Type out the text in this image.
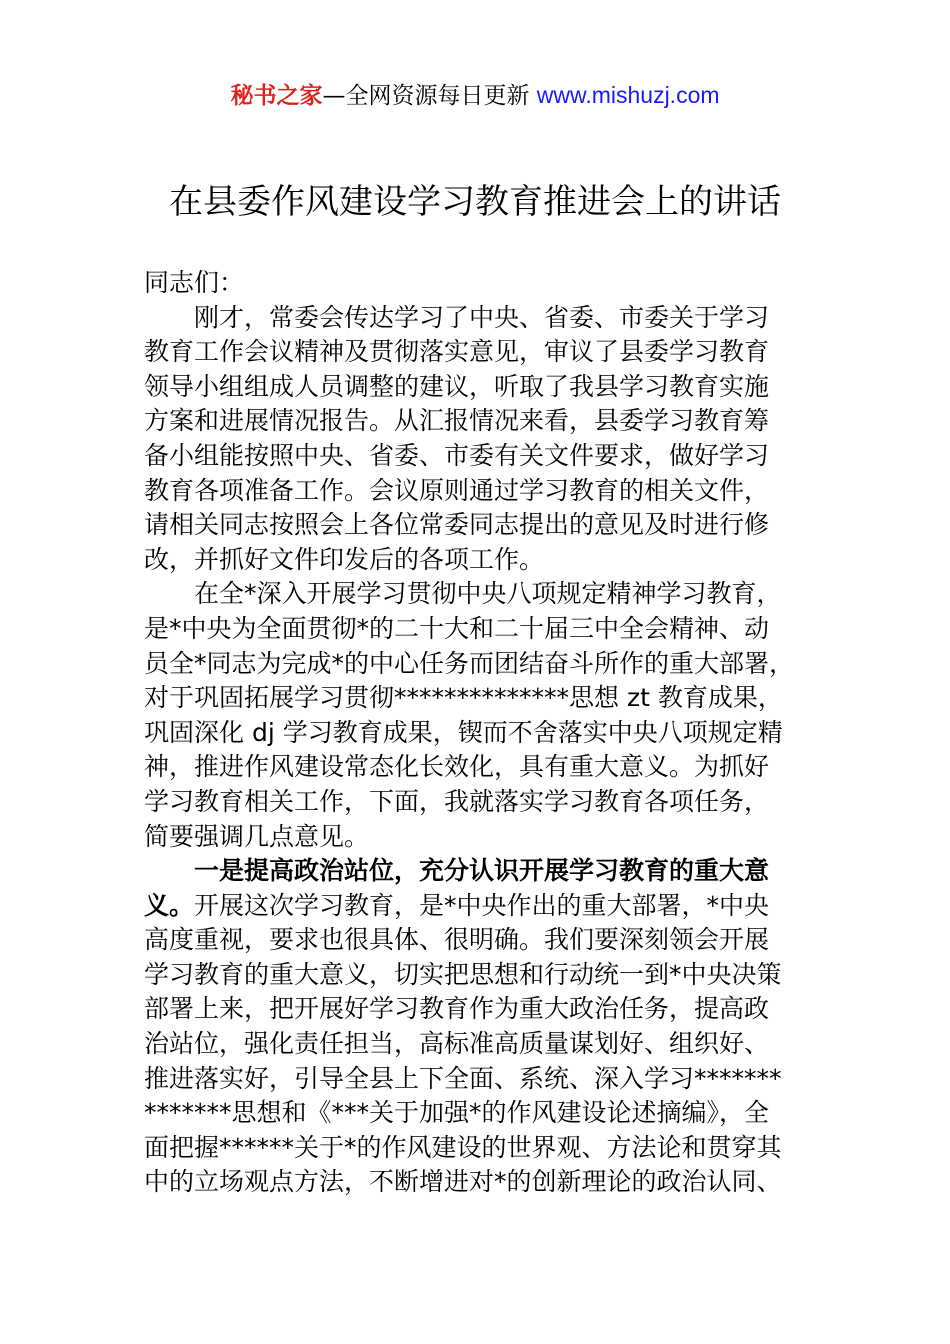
秘书之家—全网资源每日更新 www.mishuzj.com
在县委作风建设学习教育推进会上的讲话
同志们：
刚才，常委会传达学习了中央、省委、市委关于学习
教育工作会议精神及贯彻落实意见，审议了县委学习教育
领导小组组成人员调整的建议，听取了我县学习教育实施
方案和进展情况报告。从汇报情况来看，县委学习教育筹
备小组能按照中央、省委、市委有关文件要求，做好学习
教育各项准备工作。会议原则通过学习教育的相关文件，
请相关同志按照会上各位常委同志提出的意见及时进行修
改，并抓好文件印发后的各项工作。
在全*深入开展学习贯彻中央八项规定精神学习教育，
是*中央为全面贯彻*的二十大和二十届三中全会精神、动
员全*同志为完成*的中心任务而团结奋斗所作的重大部署，
对于巩固拓展学习贯彻**************思想 zt 教育成果，
巩固深化 dj 学习教育成果，锲而不舍落实中央八项规定精
神，推进作风建设常态化长效化，具有重大意义。为抓好
学习教育相关工作，下面，我就落实学习教育各项任务，
简要强调几点意见。
一是提高政治站位，充分认识开展学习教育的重大意
义。开展这次学习教育，是*中央作出的重大部署，*中央
高度重视，要求也很具体、很明确。我们要深刻领会开展
学习教育的重大意义，切实把思想和行动统一到*中央决策
部署上来，把开展好学习教育作为重大政治任务，提高政
治站位，强化责任担当，高标准高质量谋划好、组织好、
推进落实好，引导全县上下全面、系统、深入学习*******
*******思想和《***关于加强*的作风建设论述摘编》，全
面把握******关于*的作风建设的世界观、方法论和贯穿其
中的立场观点方法，不断增进对*的创新理论的政治认同、
